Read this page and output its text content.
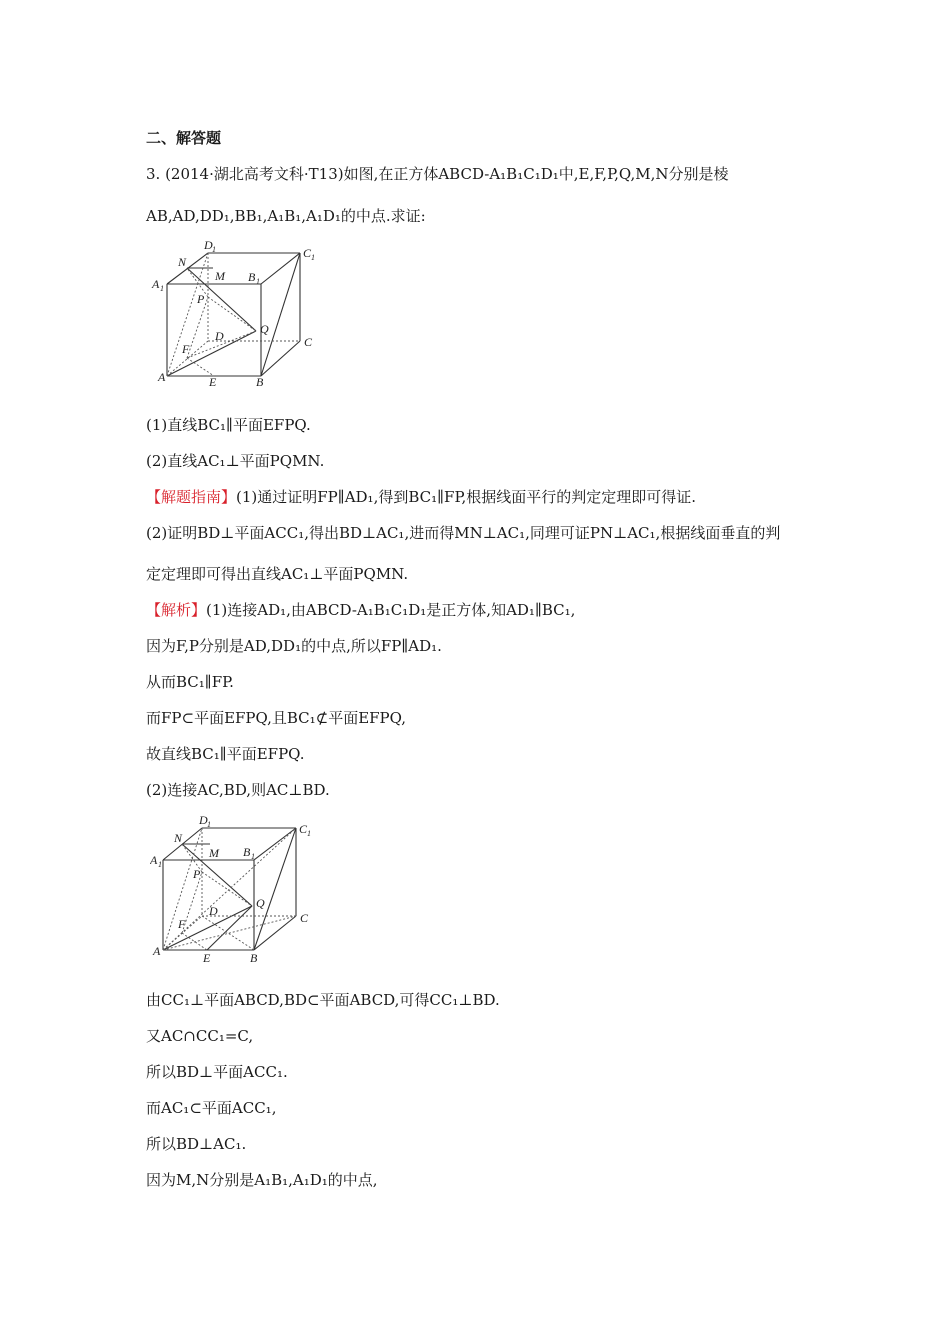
二、解答题
3. (2014·湖北高考文科·T13)如图,在正方体ABCD-A₁B₁C₁D₁中,E,F,P,Q,M,N分别是棱
AB,AD,DD₁,BB₁,A₁B₁,A₁D₁的中点.求证:
A 1
D 1
B 1
C 1
N
M
P
D	Q
C
F
A	E	B
(1)直线BC₁∥平面EFPQ.
(2)直线AC₁⊥平面PQMN.
【解题指南】(1)通过证明FP∥AD₁,得到BC₁∥FP,根据线面平行的判定定理即可得证.
(2)证明BD⊥平面ACC₁,得出BD⊥AC₁,进而得MN⊥AC₁,同理可证PN⊥AC₁,根据线面垂直的判
定定理即可得出直线AC₁⊥平面PQMN.
【解析】(1)连接AD₁,由ABCD-A₁B₁C₁D₁是正方体,知AD₁∥BC₁,
因为F,P分别是AD,DD₁的中点,所以FP∥AD₁.
从而BC₁∥FP.
而FP⊂平面EFPQ,且BC₁⊄平面EFPQ,
故直线BC₁∥平面EFPQ.
(2)连接AC,BD,则AC⊥BD.
A 1
D 1
B 1
C 1
N
M
P
D
Q
C
F
A	E	B
由CC₁⊥平面ABCD,BD⊂平面ABCD,可得CC₁⊥BD.
又AC∩CC₁=C,
所以BD⊥平面ACC₁.
而AC₁⊂平面ACC₁,
所以BD⊥AC₁.
因为M,N分别是A₁B₁,A₁D₁的中点,
